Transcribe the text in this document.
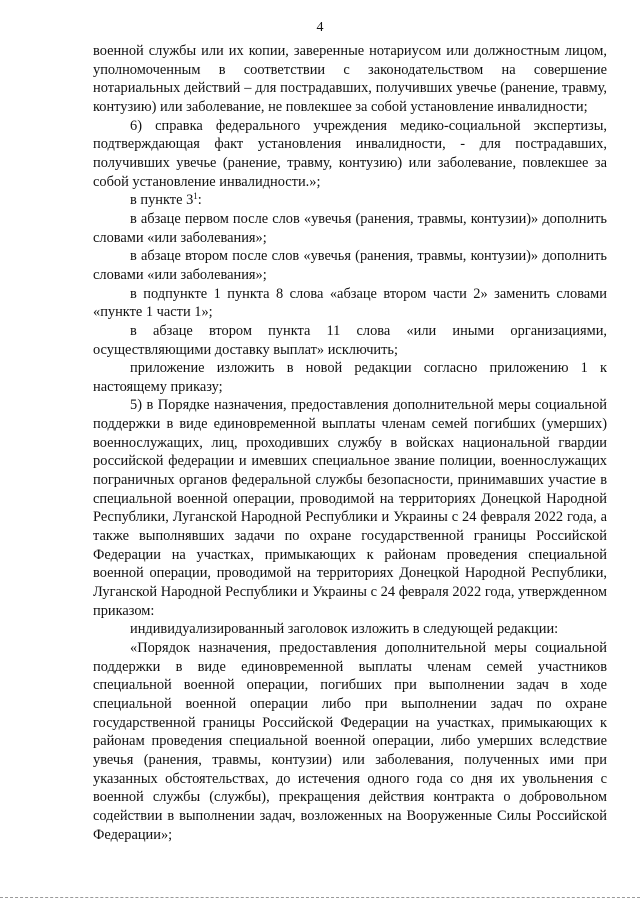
4

военной службы или их копии, заверенные нотариусом или должностным лицом, уполномоченным в соответствии с законодательством на совершение нотариальных действий – для пострадавших, получивших увечье (ранение, травму, контузию) или заболевание, не повлекшее за собой установление инвалидности;

6) справка федерального учреждения медико-социальной экспертизы, подтверждающая факт установления инвалидности, - для пострадавших, получивших увечье (ранение, травму, контузию) или заболевание, повлекшее за собой установление инвалидности.»;

в пункте $3^1$:

в абзаце первом после слов «увечья (ранения, травмы, контузии)» дополнить словами «или заболевания»;

в абзаце втором после слов «увечья (ранения, травмы, контузии)» дополнить словами «или заболевания»;

в подпункте 1 пункта 8 слова «абзаце втором части 2» заменить словами «пункте 1 части 1»;

в абзаце втором пункта 11 слова «или иными организациями, осуществляющими доставку выплат» исключить;

приложение изложить в новой редакции согласно приложению 1 к настоящему приказу;

5) в Порядке назначения, предоставления дополнительной меры социальной поддержки в виде единовременной выплаты членам семей погибших (умерших) военнослужащих, лиц, проходивших службу в войсках национальной гвардии российской федерации и имевших специальное звание полиции, военнослужащих пограничных органов федеральной службы безопасности, принимавших участие в специальной военной операции, проводимой на территориях Донецкой Народной Республики, Луганской Народной Республики и Украины с 24 февраля 2022 года, а также выполнявших задачи по охране государственной границы Российской Федерации на участках, примыкающих к районам проведения специальной военной операции, проводимой на территориях Донецкой Народной Республики, Луганской Народной Республики и Украины с 24 февраля 2022 года, утвержденном приказом:

индивидуализированный заголовок изложить в следующей редакции:

«Порядок назначения, предоставления дополнительной меры социальной поддержки в виде единовременной выплаты членам семей участников специальной военной операции, погибших при выполнении задач в ходе специальной военной операции либо при выполнении задач по охране государственной границы Российской Федерации на участках, примыкающих к районам проведения специальной военной операции, либо умерших вследствие увечья (ранения, травмы, контузии) или заболевания, полученных ими при указанных обстоятельствах, до истечения одного года со дня их увольнения с военной службы (службы), прекращения действия контракта о добровольном содействии в выполнении задач, возложенных на Вооруженные Силы Российской Федерации»;
